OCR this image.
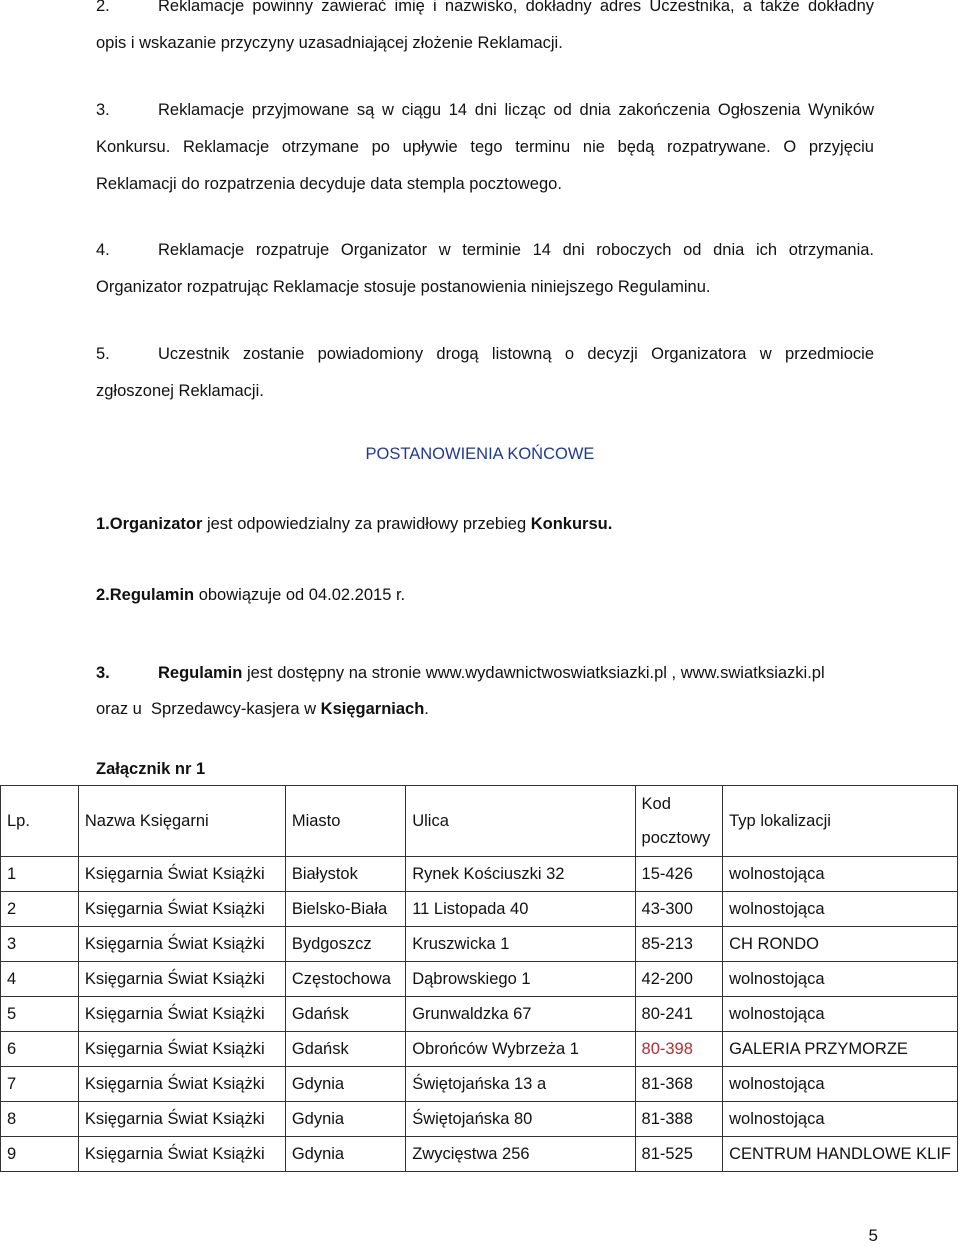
2.	Reklamacje powinny zawierać imię i nazwisko, dokładny adres Uczestnika, a także dokładny
opis i wskazanie przyczyny uzasadniającej złożenie Reklamacji.
3.	Reklamacje przyjmowane są w ciągu 14 dni licząc od dnia zakończenia Ogłoszenia Wyników
Konkursu. Reklamacje otrzymane po upływie tego terminu nie będą rozpatrywane. O przyjęciu
Reklamacji do rozpatrzenia decyduje data stempla pocztowego.
4.	Reklamacje rozpatruje Organizator w terminie 14 dni roboczych od dnia ich otrzymania.
Organizator rozpatrując Reklamacje stosuje postanowienia niniejszego Regulaminu.
5.	Uczestnik zostanie powiadomiony drogą listowną o decyzji Organizatora w przedmiocie
zgłoszonej Reklamacji.
POSTANOWIENIA KOŃCOWE
1.Organizator jest odpowiedzialny za prawidłowy przebieg Konkursu.
2.Regulamin obowiązuje od 04.02.2015 r.
3.	Regulamin jest dostępny na stronie www.wydawnictwoswiatksiazki.pl , www.swiatksiazki.pl
oraz u  Sprzedawcy-kasjera w Księgarniach.
Załącznik nr 1
Lp.	Nazwa Księgarni	Miasto	Ulica	Kod
pocztowy	Typ lokalizacji
1	Księgarnia Świat Książki	Białystok	Rynek Kościuszki 32	15-426	wolnostojąca
2	Księgarnia Świat Książki	Bielsko-Biała	11 Listopada 40	43-300	wolnostojąca
3	Księgarnia Świat Książki	Bydgoszcz	Kruszwicka 1	85-213	CH RONDO
4	Księgarnia Świat Książki	Częstochowa	Dąbrowskiego 1	42-200	wolnostojąca
5	Księgarnia Świat Książki	Gdańsk	Grunwaldzka 67	80-241	wolnostojąca
6	Księgarnia Świat Książki	Gdańsk	Obrońców Wybrzeża 1	80-398	GALERIA PRZYMORZE
7	Księgarnia Świat Książki	Gdynia	Świętojańska 13 a	81-368	wolnostojąca
8	Księgarnia Świat Książki	Gdynia	Świętojańska 80	81-388	wolnostojąca
9	Księgarnia Świat Książki	Gdynia	Zwycięstwa 256	81-525	CENTRUM HANDLOWE KLIF
5
